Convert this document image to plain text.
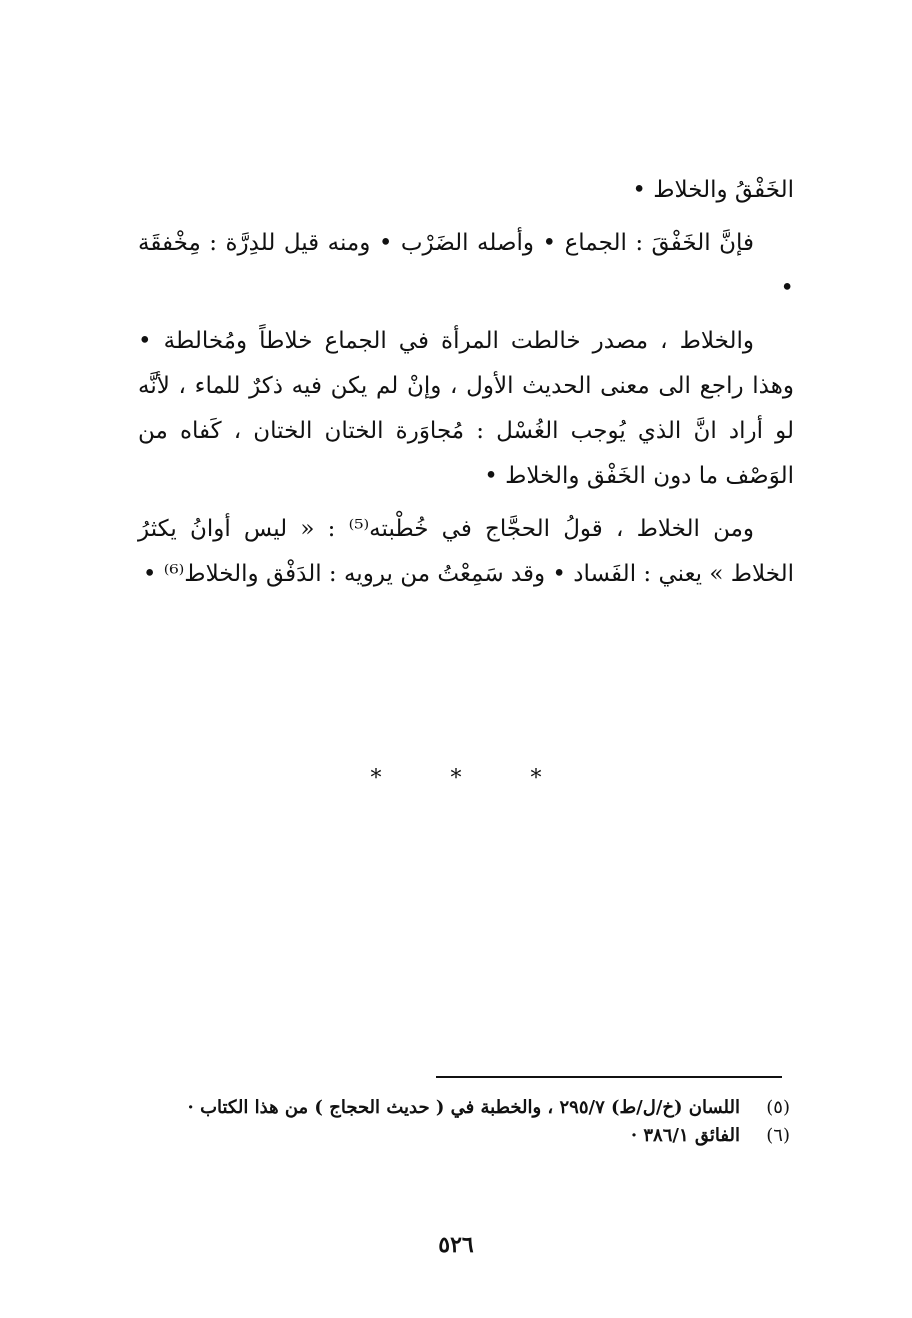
الخَفْقُ والخلاط •

فإنَّ الخَفْقَ : الجماع • وأصله الضَرْب • ومنه قيل للدِرَّة : مِخْفقَة •

والخلاط ، مصدر خالطت المرأة في الجماع خلاطاً ومُخالطة • وهذا راجع الى معنى الحديث الأول ، وإنْ لم يكن فيه ذكرٌ للماء ، لأنَّه لو أراد انَّ الذي يُوجب الغُسْل : مُجاوَرة الختان الختان ، كَفاه من الوَصْف ما دون الخَفْق والخلاط •

ومن الخلاط ، قولُ الحجَّاج في خُطْبته⁽⁵⁾ : « ليس أوانُ يكثرُ الخلاط » يعني : الفَساد • وقد سَمِعْتُ من يرويه : الدَفْق والخلاط⁽⁶⁾ •

*	*	*
(٥)
اللسان (خ/ل/ط) ٢٩٥/٧ ، والخطبة في ( حديث الحجاج ) من هذا الكتاب ·
(٦)
الفائق ٣٨٦/١ ·
٥٢٦
